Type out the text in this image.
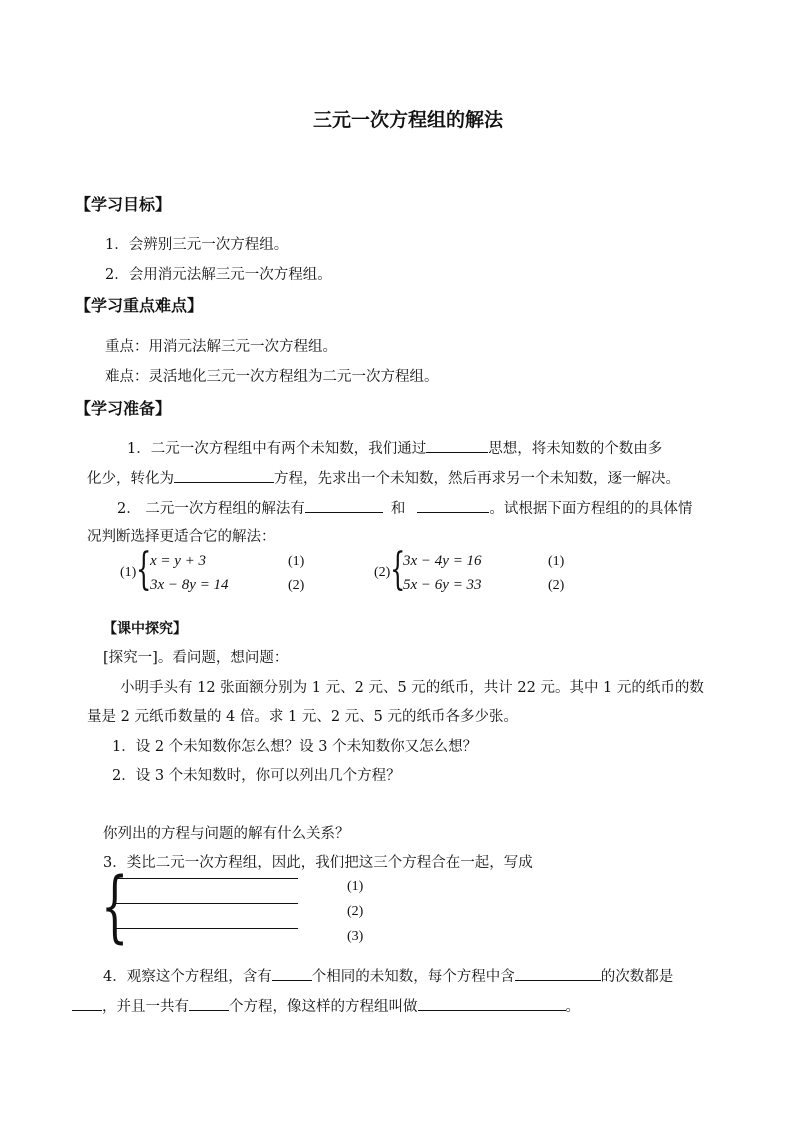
三元一次方程组的解法
【学习目标】
1．会辨别三元一次方程组。
2．会用消元法解三元一次方程组。
【学习重点难点】
重点：用消元法解三元一次方程组。
难点：灵活地化三元一次方程组为二元一次方程组。
【学习准备】
1．二元一次方程组中有两个未知数，我们通过	思想，将未知数的个数由多
化少，转化为	方程，先求出一个未知数，然后再求另一个未知数，逐一解决。
2． 二元一次方程组的解法有	和	。试根据下面方程组的的具体情
况判断选择更适合它的解法：
(1) {
x = y + 3
3x − 8y = 14
(1)
(2)
(2) {
3x − 4y = 16
5x − 6y = 33
(1)
(2)
【课中探究】
[探究一]。看问题，想问题：
小明手头有 12 张面额分别为 1 元、2 元、5 元的纸币，共计 22 元。其中 1 元的纸币的数
量是 2 元纸币数量的 4 倍。求 1 元、2 元、5 元的纸币各多少张。
1．设 2 个未知数你怎么想？设 3 个未知数你又怎么想？
2．设 3 个未知数时，你可以列出几个方程？
你列出的方程与问题的解有什么关系？
3．类比二元一次方程组，因此，我们把这三个方程合在一起，写成
{	(1)
(2)
(3)
4．观察这个方程组，含有	个相同的未知数，每个方程中含	的次数都是
，并且一共有	个方程，像这样的方程组叫做	。
